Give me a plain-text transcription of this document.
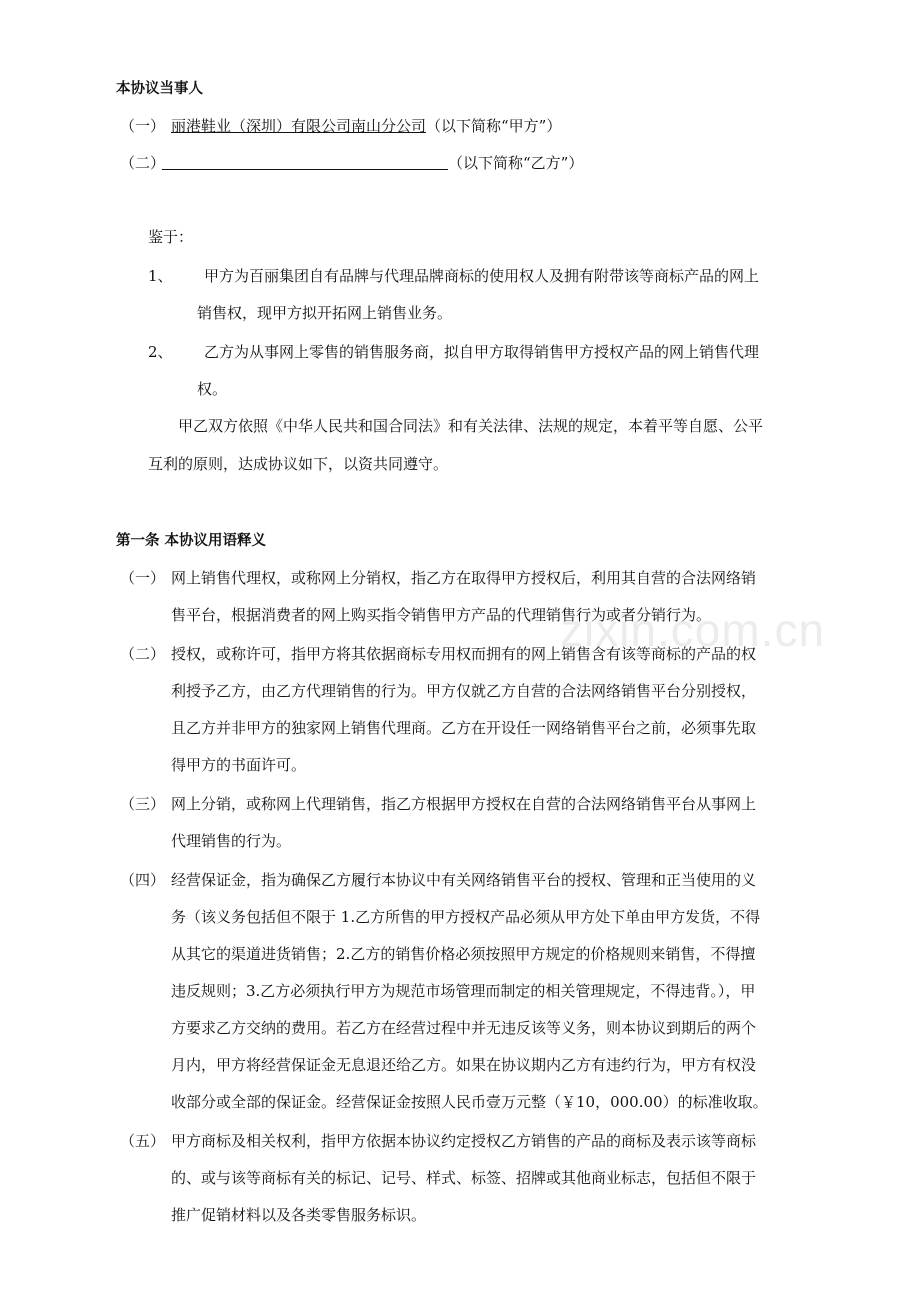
zixin.com.cn
本协议当事人
（一） 丽港鞋业（深圳）有限公司南山分公司（以下简称“甲方”）
（二）	（以下简称“乙方”）
鉴于：
1、 甲方为百丽集团自有品牌与代理品牌商标的使用权人及拥有附带该等商标产品的网上
销售权，现甲方拟开拓网上销售业务。
2、 乙方为从事网上零售的销售服务商，拟自甲方取得销售甲方授权产品的网上销售代理
权。
甲乙双方依照《中华人民共和国合同法》和有关法律、法规的规定，本着平等自愿、公平
互利的原则，达成协议如下，以资共同遵守。
第一条 本协议用语释义
（一） 网上销售代理权，或称网上分销权，指乙方在取得甲方授权后，利用其自营的合法网络销
售平台，根据消费者的网上购买指令销售甲方产品的代理销售行为或者分销行为。
（二） 授权，或称许可，指甲方将其依据商标专用权而拥有的网上销售含有该等商标的产品的权
利授予乙方，由乙方代理销售的行为。甲方仅就乙方自营的合法网络销售平台分别授权，
且乙方并非甲方的独家网上销售代理商。乙方在开设任一网络销售平台之前，必须事先取
得甲方的书面许可。
（三） 网上分销，或称网上代理销售，指乙方根据甲方授权在自营的合法网络销售平台从事网上
代理销售的行为。
（四） 经营保证金，指为确保乙方履行本协议中有关网络销售平台的授权、管理和正当使用的义
务（该义务包括但不限于 1.乙方所售的甲方授权产品必须从甲方处下单由甲方发货，不得
从其它的渠道进货销售；2.乙方的销售价格必须按照甲方规定的价格规则来销售，不得擅
违反规则；3.乙方必须执行甲方为规范市场管理而制定的相关管理规定，不得违背。），甲
方要求乙方交纳的费用。若乙方在经营过程中并无违反该等义务，则本协议到期后的两个
月内，甲方将经营保证金无息退还给乙方。如果在协议期内乙方有违约行为，甲方有权没
收部分或全部的保证金。经营保证金按照人民币壹万元整（￥10，000.00）的标准收取。
（五） 甲方商标及相关权利，指甲方依据本协议约定授权乙方销售的产品的商标及表示该等商标
的、或与该等商标有关的标记、记号、样式、标签、招牌或其他商业标志，包括但不限于
推广促销材料以及各类零售服务标识。
